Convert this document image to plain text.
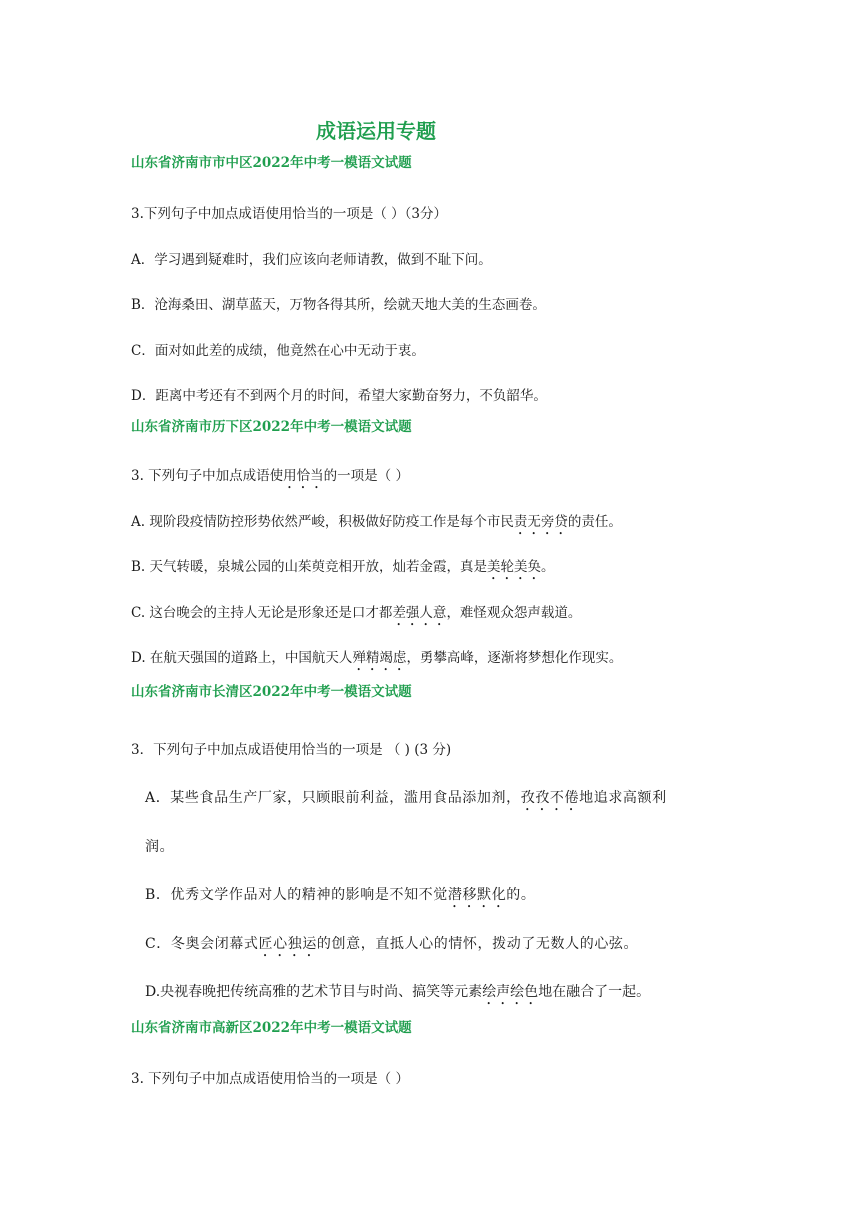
成语运用专题
山东省济南市市中区2022年中考一模语文试题
3.下列句子中加点成语使用恰当的一项是（ ）（3分）
A．学习遇到疑难时，我们应该向老师请教，做到不耻下问。
B．沧海桑田、湖草蓝天，万物各得其所，绘就天地大美的生态画卷。
C．面对如此差的成绩，他竟然在心中无动于衷。
D．距离中考还有不到两个月的时间，希望大家勤奋努力，不负韶华。
山东省济南市历下区2022年中考一模语文试题
3. 下列句子中加点成语使用恰当的一项是（ ）
A. 现阶段疫情防控形势依然严峻，积极做好防疫工作是每个市民责无旁贷的责任。
B. 天气转暖，泉城公园的山茱萸竞相开放，灿若金霞，真是美轮美奂。
C. 这台晚会的主持人无论是形象还是口才都差强人意，难怪观众怨声载道。
D. 在航天强国的道路上，中国航天人殚精竭虑，勇攀高峰，逐渐将梦想化作现实。
山东省济南市长清区2022年中考一模语文试题
3．下列句子中加点成语使用恰当的一项是 （ ) (3 分)
A．某些食品生产厂家，只顾眼前利益，滥用食品添加剂，孜孜不倦地追求高额利
润。
B．优秀文学作品对人的精神的影响是不知不觉潜移默化的。
C．冬奥会闭幕式匠心独运的创意，直抵人心的情怀，拨动了无数人的心弦。
D.央视春晚把传统高雅的艺术节目与时尚、搞笑等元素绘声绘色地在融合了一起。
山东省济南市高新区2022年中考一模语文试题
3. 下列句子中加点成语使用恰当的一项是（ ）
